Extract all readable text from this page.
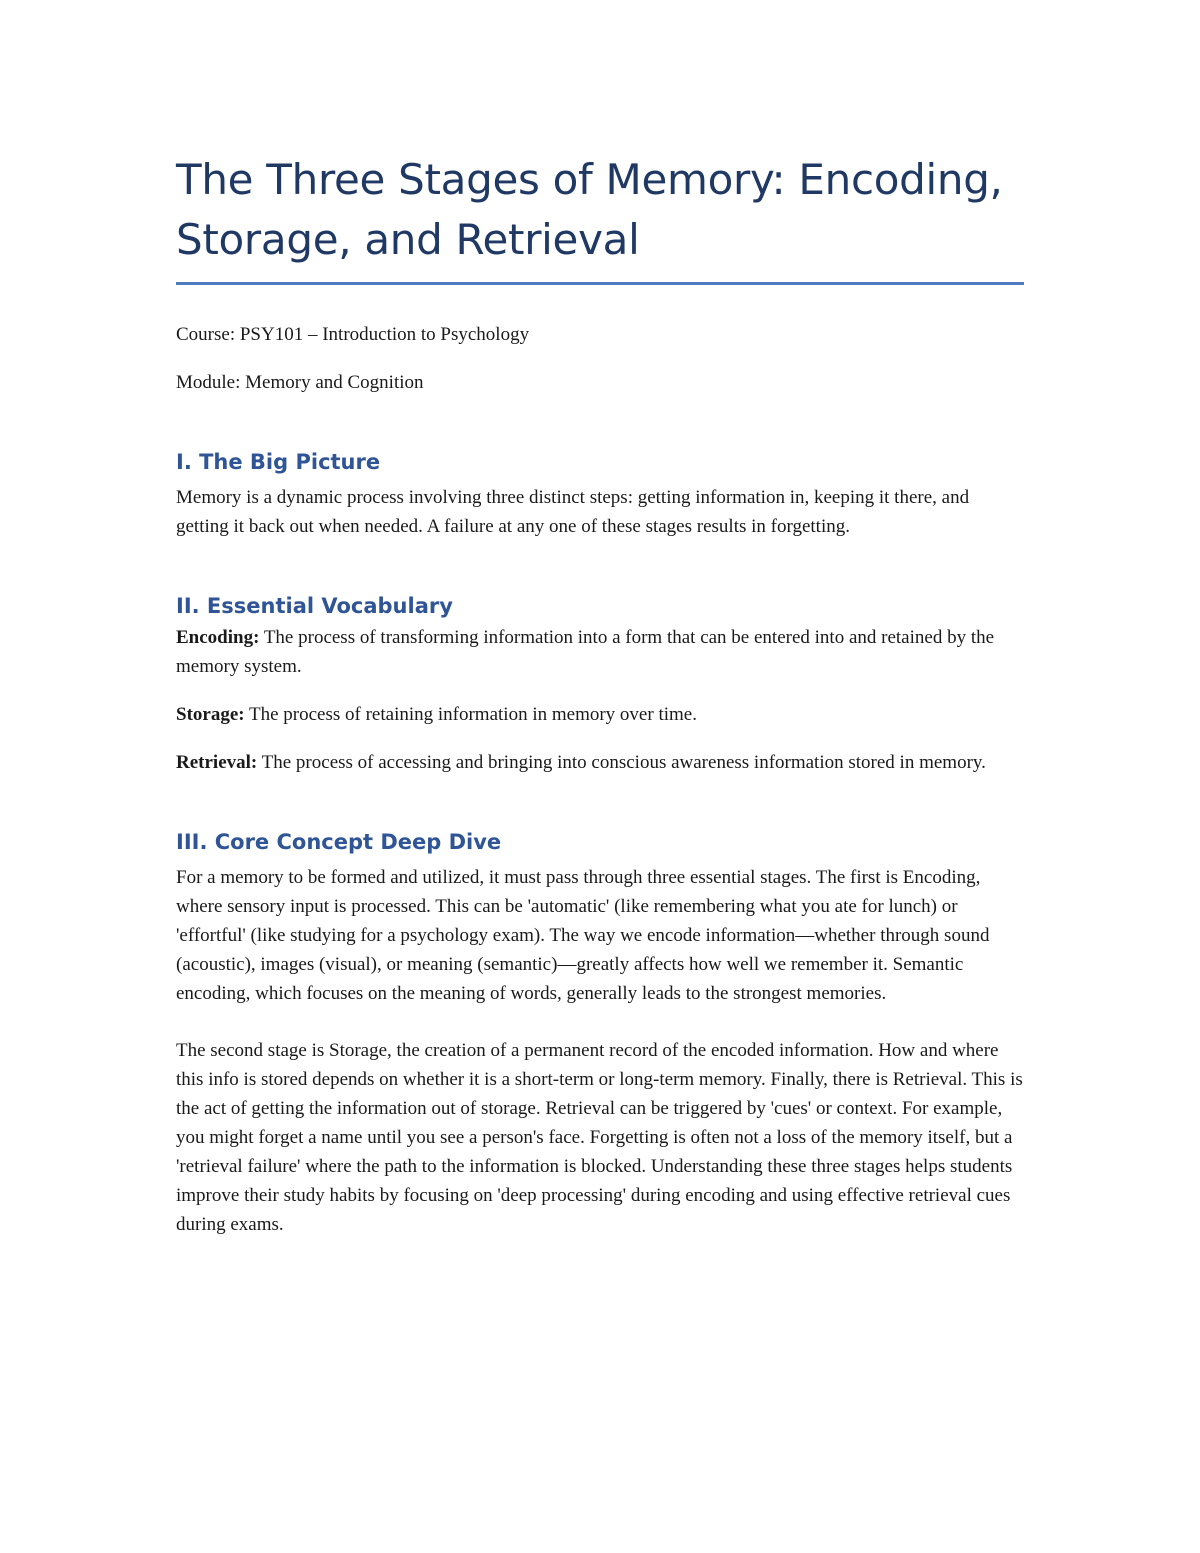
The Three Stages of Memory: Encoding, Storage, and Retrieval

Course: PSY101 – Introduction to Psychology

Module: Memory and Cognition

I. The Big Picture

Memory is a dynamic process involving three distinct steps: getting information in, keeping it there, and getting it back out when needed. A failure at any one of these stages results in forgetting.

II. Essential Vocabulary

Encoding: The process of transforming information into a form that can be entered into and retained by the memory system.

Storage: The process of retaining information in memory over time.

Retrieval: The process of accessing and bringing into conscious awareness information stored in memory.

III. Core Concept Deep Dive

For a memory to be formed and utilized, it must pass through three essential stages. The first is Encoding, where sensory input is processed. This can be 'automatic' (like remembering what you ate for lunch) or 'effortful' (like studying for a psychology exam). The way we encode information—whether through sound (acoustic), images (visual), or meaning (semantic)—greatly affects how well we remember it. Semantic encoding, which focuses on the meaning of words, generally leads to the strongest memories.

The second stage is Storage, the creation of a permanent record of the encoded information. How and where this info is stored depends on whether it is a short-term or long-term memory. Finally, there is Retrieval. This is the act of getting the information out of storage. Retrieval can be triggered by 'cues' or context. For example, you might forget a name until you see a person's face. Forgetting is often not a loss of the memory itself, but a 'retrieval failure' where the path to the information is blocked. Understanding these three stages helps students improve their study habits by focusing on 'deep processing' during encoding and using effective retrieval cues during exams.
